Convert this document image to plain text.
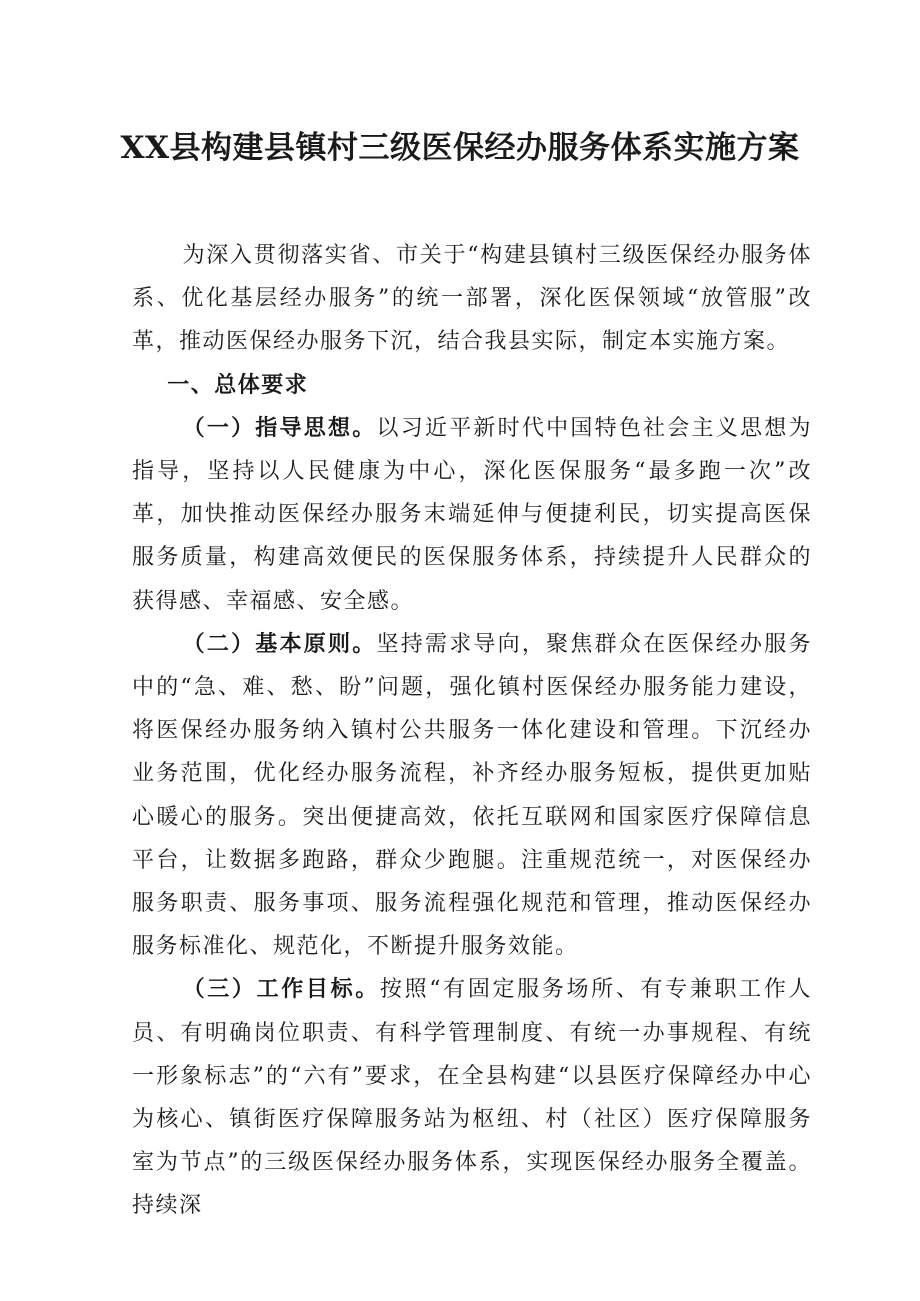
XX县构建县镇村三级医保经办服务体系实施方案

为深入贯彻落实省、市关于“构建县镇村三级医保经办服务体系、优化基层经办服务”的统一部署，深化医保领域“放管服”改革，推动医保经办服务下沉，结合我县实际，制定本实施方案。

一、总体要求

（一）指导思想。以习近平新时代中国特色社会主义思想为指导，坚持以人民健康为中心，深化医保服务“最多跑一次”改革，加快推动医保经办服务末端延伸与便捷利民，切实提高医保服务质量，构建高效便民的医保服务体系，持续提升人民群众的获得感、幸福感、安全感。

（二）基本原则。坚持需求导向，聚焦群众在医保经办服务中的“急、难、愁、盼”问题，强化镇村医保经办服务能力建设，将医保经办服务纳入镇村公共服务一体化建设和管理。下沉经办业务范围，优化经办服务流程，补齐经办服务短板，提供更加贴心暖心的服务。突出便捷高效，依托互联网和国家医疗保障信息平台，让数据多跑路，群众少跑腿。注重规范统一，对医保经办服务职责、服务事项、服务流程强化规范和管理，推动医保经办服务标准化、规范化，不断提升服务效能。

（三）工作目标。按照“有固定服务场所、有专兼职工作人员、有明确岗位职责、有科学管理制度、有统一办事规程、有统一形象标志”的“六有”要求，在全县构建“以县医疗保障经办中心为核心、镇街医疗保障服务站为枢纽、村（社区）医疗保障服务室为节点”的三级医保经办服务体系，实现医保经办服务全覆盖。持续深
